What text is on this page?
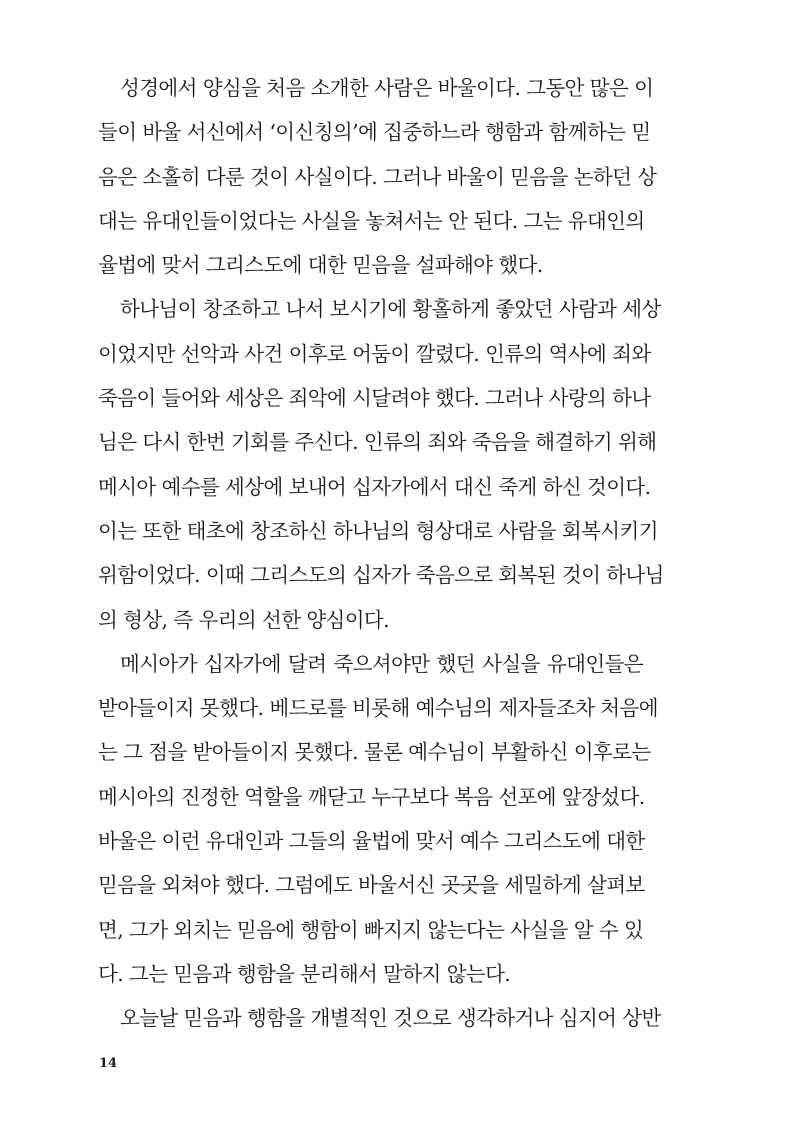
성경에서 양심을 처음 소개한 사람은 바울이다. 그동안 많은 이
들이 바울 서신에서 ‘이신칭의’에 집중하느라 행함과 함께하는 믿
음은 소홀히 다룬 것이 사실이다. 그러나 바울이 믿음을 논하던 상
대는 유대인들이었다는 사실을 놓쳐서는 안 된다. 그는 유대인의
율법에 맞서 그리스도에 대한 믿음을 설파해야 했다.
하나님이 창조하고 나서 보시기에 황홀하게 좋았던 사람과 세상
이었지만 선악과 사건 이후로 어둠이 깔렸다. 인류의 역사에 죄와
죽음이 들어와 세상은 죄악에 시달려야 했다. 그러나 사랑의 하나
님은 다시 한번 기회를 주신다. 인류의 죄와 죽음을 해결하기 위해
메시아 예수를 세상에 보내어 십자가에서 대신 죽게 하신 것이다.
이는 또한 태초에 창조하신 하나님의 형상대로 사람을 회복시키기
위함이었다. 이때 그리스도의 십자가 죽음으로 회복된 것이 하나님
의 형상, 즉 우리의 선한 양심이다.
메시아가 십자가에 달려 죽으셔야만 했던 사실을 유대인들은
받아들이지 못했다. 베드로를 비롯해 예수님의 제자들조차 처음에
는 그 점을 받아들이지 못했다. 물론 예수님이 부활하신 이후로는
메시아의 진정한 역할을 깨닫고 누구보다 복음 선포에 앞장섰다.
바울은 이런 유대인과 그들의 율법에 맞서 예수 그리스도에 대한
믿음을 외쳐야 했다. 그럼에도 바울서신 곳곳을 세밀하게 살펴보
면, 그가 외치는 믿음에 행함이 빠지지 않는다는 사실을 알 수 있
다. 그는 믿음과 행함을 분리해서 말하지 않는다.
오늘날 믿음과 행함을 개별적인 것으로 생각하거나 심지어 상반
14
